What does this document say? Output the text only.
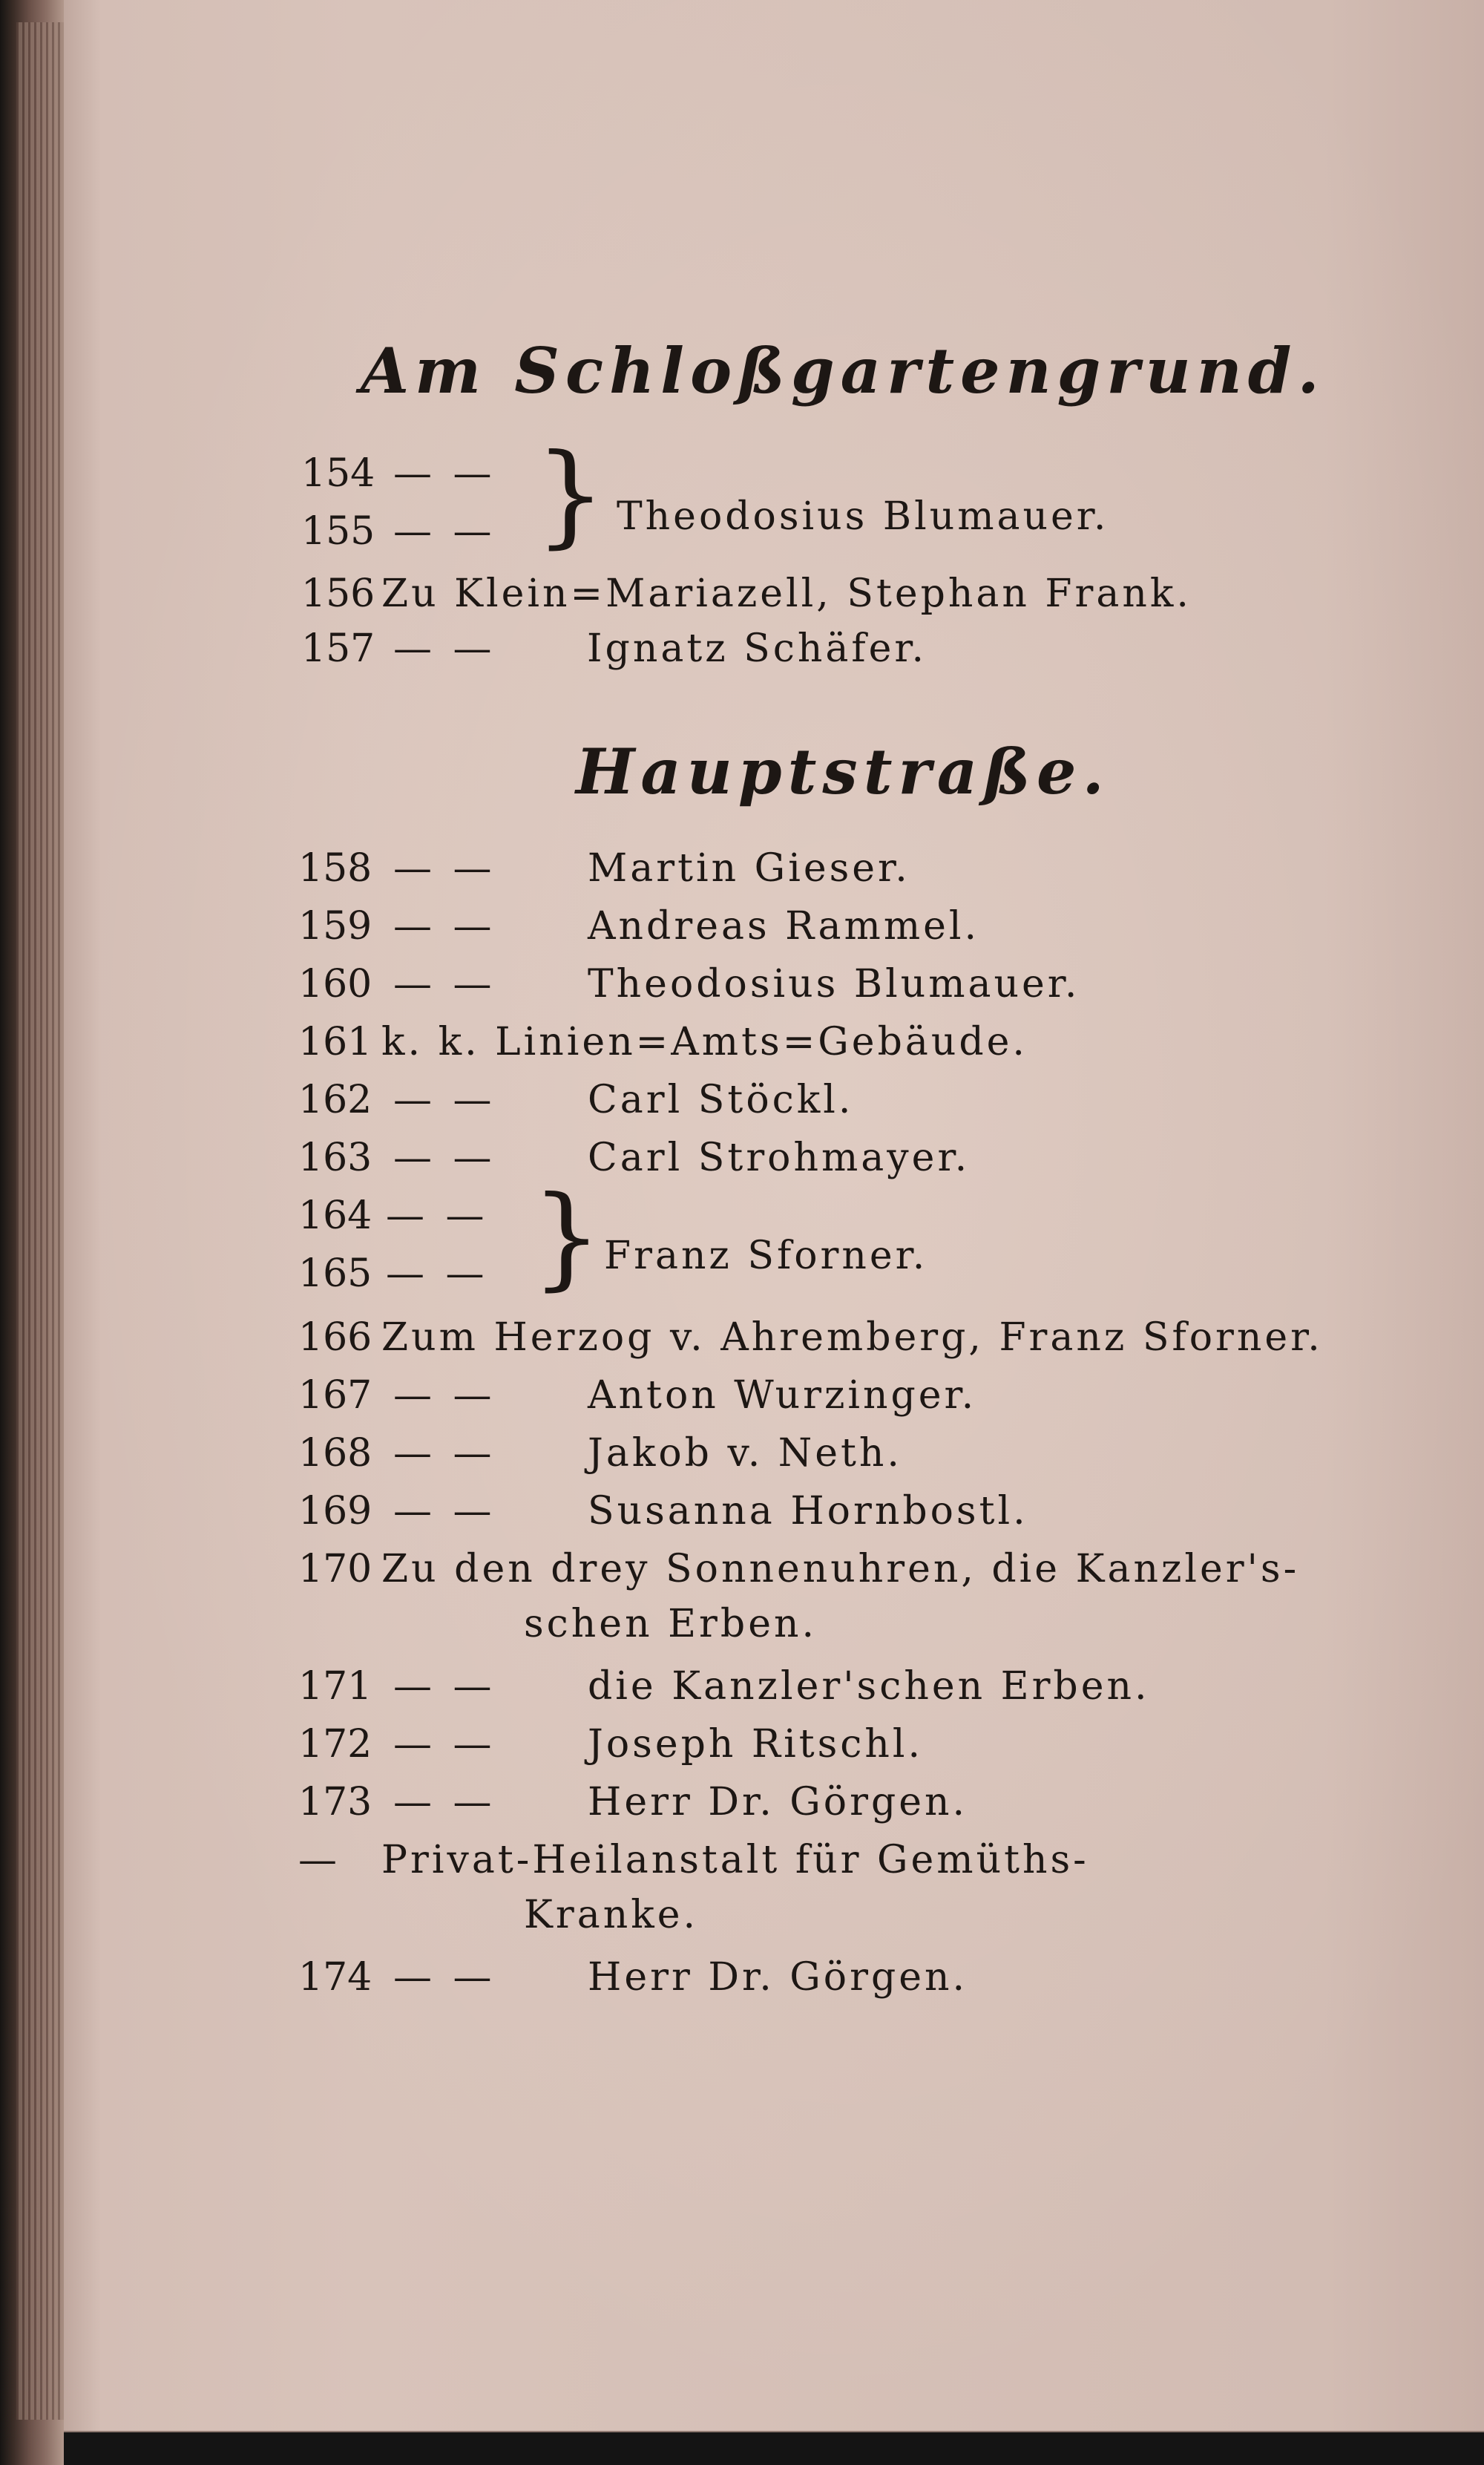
Am Schloßgartengrund.
154 — —
155 — — } Theodosius Blumauer.
156 Zu Klein=Mariazell, Stephan Frank.
157 — — Ignatz Schäfer.
Hauptstraße.
158 — — Martin Gieser.
159 — — Andreas Rammel.
160 — — Theodosius Blumauer.
161 k. k. Linien=Amts=Gebäude.
162 — — Carl Stöckl.
163 — — Carl Strohmayer.
164 — —
165 — — } Franz Sforner.
166 Zum Herzog v. Ahremberg, Franz Sforner.
167 — — Anton Wurzinger.
168 — — Jakob v. Neth.
169 — — Susanna Hornbostl.
170 Zu den drey Sonnenuhren, die Kanzler's-
schen Erben.
171 — — die Kanzler'schen Erben.
172 — — Joseph Ritschl.
173 — — Herr Dr. Görgen.
— Privat-Heilanstalt für Gemüths-
Kranke.
174 — — Herr Dr. Görgen.
